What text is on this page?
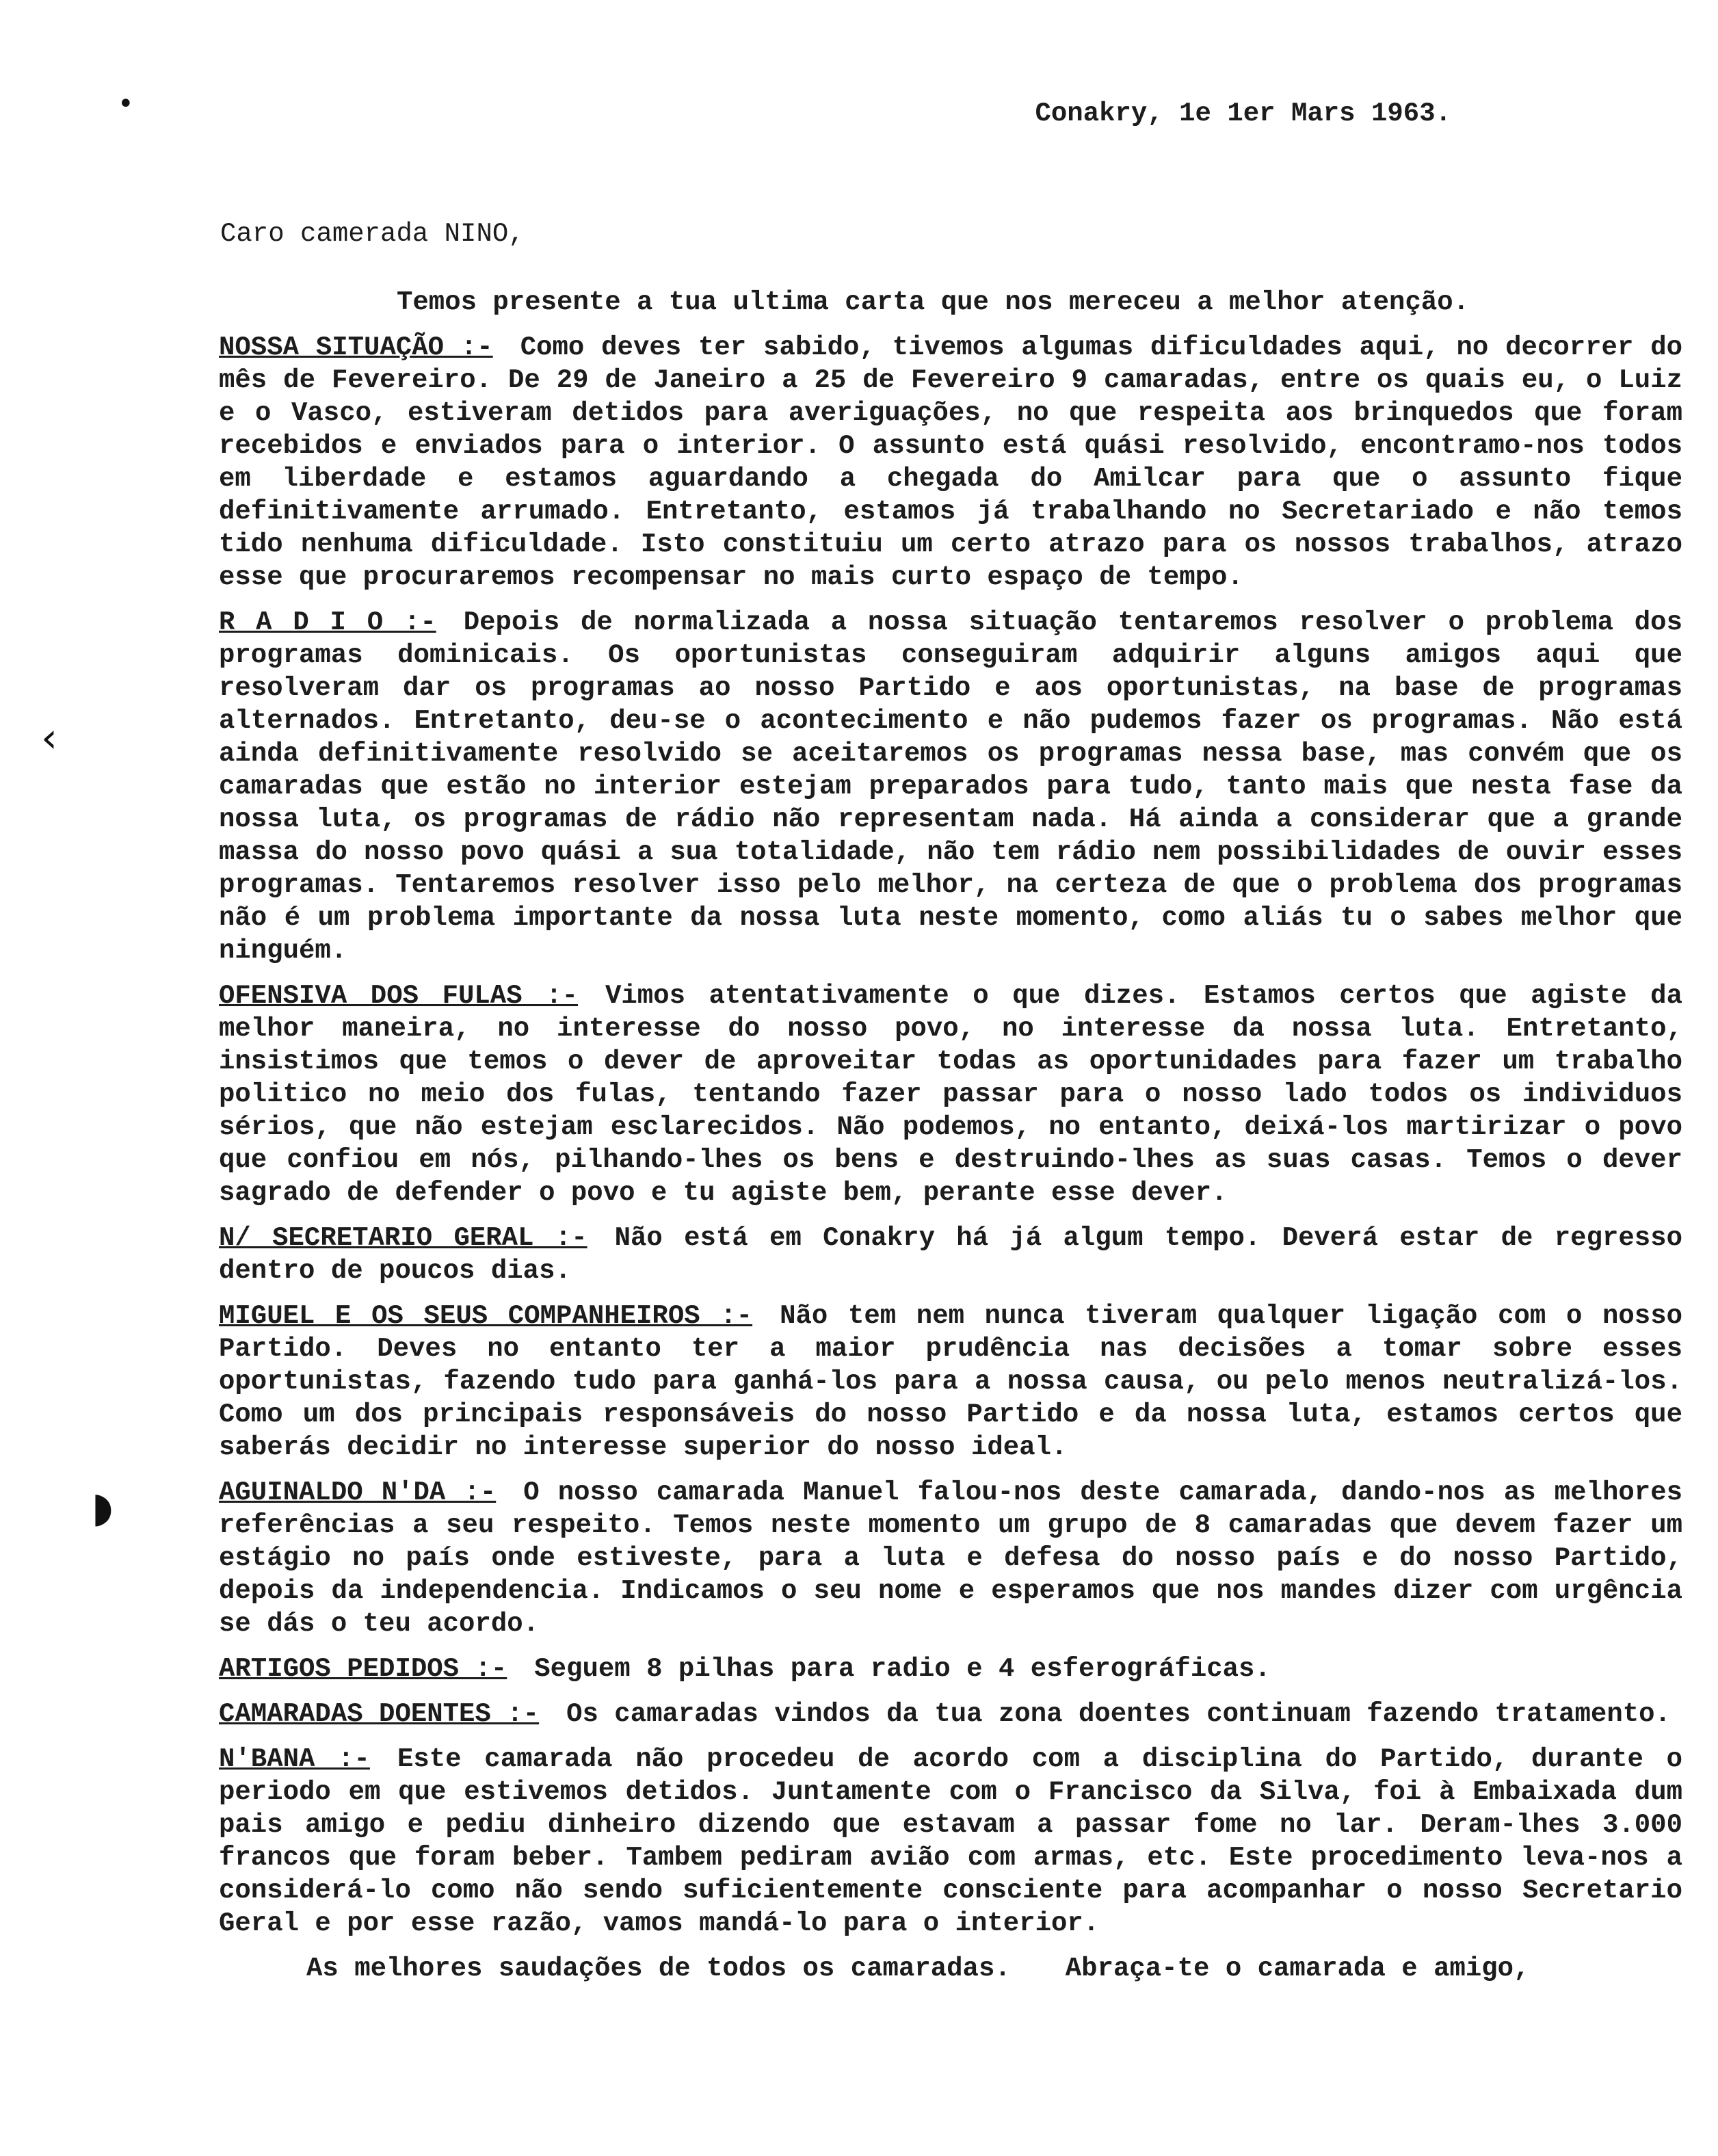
•
‹
◗
Conakry, 1e 1er Mars 1963.
Caro camerada NINO,
Temos presente a tua ultima carta que nos mereceu a melhor atenção.
NOSSA SITUAÇÃO :- Como deves ter sabido, tivemos algumas dificuldades aqui, no decorrer do mês de Fevereiro. De 29 de Janeiro a 25 de Fevereiro 9 camaradas, entre os quais eu, o Luiz e o Vasco, estiveram detidos para averiguações, no que respeita aos brinquedos que foram recebidos e enviados para o interior. O assunto está quási resolvido, encontramo-nos todos em liberdade e estamos aguardando a chegada do Amilcar para que o assunto fique definitivamente arrumado. Entretanto, estamos já trabalhando no Secretariado e não temos tido nenhuma dificuldade. Isto constituiu um certo atrazo para os nossos trabalhos, atrazo esse que procuraremos recompensar no mais curto espaço de tempo.
R A D I O :- Depois de normalizada a nossa situação tentaremos resolver o problema dos programas dominicais. Os oportunistas conseguiram adquirir alguns amigos aqui que resolveram dar os programas ao nosso Partido e aos oportunistas, na base de programas alternados. Entretanto, deu-se o acontecimento e não pudemos fazer os programas. Não está ainda definitivamente resolvido se aceitaremos os programas nessa base, mas convém que os camaradas que estão no interior estejam preparados para tudo, tanto mais que nesta fase da nossa luta, os programas de rádio não representam nada. Há ainda a considerar que a grande massa do nosso povo quási a sua totalidade, não tem rádio nem possibilidades de ouvir esses programas. Tentaremos resolver isso pelo melhor, na certeza de que o problema dos programas não é um problema importante da nossa luta neste momento, como aliás tu o sabes melhor que ninguém.
OFENSIVA DOS FULAS :- Vimos atentativamente o que dizes. Estamos certos que agiste da melhor maneira, no interesse do nosso povo, no interesse da nossa luta. Entretanto, insistimos que temos o dever de aproveitar todas as oportunidades para fazer um trabalho politico no meio dos fulas, tentando fazer passar para o nosso lado todos os individuos sérios, que não estejam esclarecidos. Não podemos, no entanto, deixá-los martirizar o povo que confiou em nós, pilhando-lhes os bens e destruindo-lhes as suas casas. Temos o dever sagrado de defender o povo e tu agiste bem, perante esse dever.
N/ SECRETARIO GERAL :- Não está em Conakry há já algum tempo. Deverá estar de regresso dentro de poucos dias.
MIGUEL E OS SEUS COMPANHEIROS :- Não tem nem nunca tiveram qualquer ligação com o nosso Partido. Deves no entanto ter a maior prudência nas decisões a tomar sobre esses oportunistas, fazendo tudo para ganhá-los para a nossa causa, ou pelo menos neutralizá-los. Como um dos principais responsáveis do nosso Partido e da nossa luta, estamos certos que saberás decidir no interesse superior do nosso ideal.
AGUINALDO N'DA :- O nosso camarada Manuel falou-nos deste camarada, dando-nos as melhores referências a seu respeito. Temos neste momento um grupo de 8 camaradas que devem fazer um estágio no país onde estiveste, para a luta e defesa do nosso país e do nosso Partido, depois da independencia. Indicamos o seu nome e esperamos que nos mandes dizer com urgência se dás o teu acordo.
ARTIGOS PEDIDOS :- Seguem 8 pilhas para radio e 4 esferográficas.
CAMARADAS DOENTES :- Os camaradas vindos da tua zona doentes continuam fazendo tratamento.
N'BANA :- Este camarada não procedeu de acordo com a disciplina do Partido, durante o periodo em que estivemos detidos. Juntamente com o Francisco da Silva, foi à Embaixada dum pais amigo e pediu dinheiro dizendo que estavam a passar fome no lar. Deram-lhes 3.000 francos que foram beber. Tambem pediram avião com armas, etc. Este procedimento leva-nos a considerá-lo como não sendo suficientemente consciente para acompanhar o nosso Secretario Geral e por esse razão, vamos mandá-lo para o interior.
As melhores saudações de todos os camaradas. Abraça-te o camarada e amigo,
